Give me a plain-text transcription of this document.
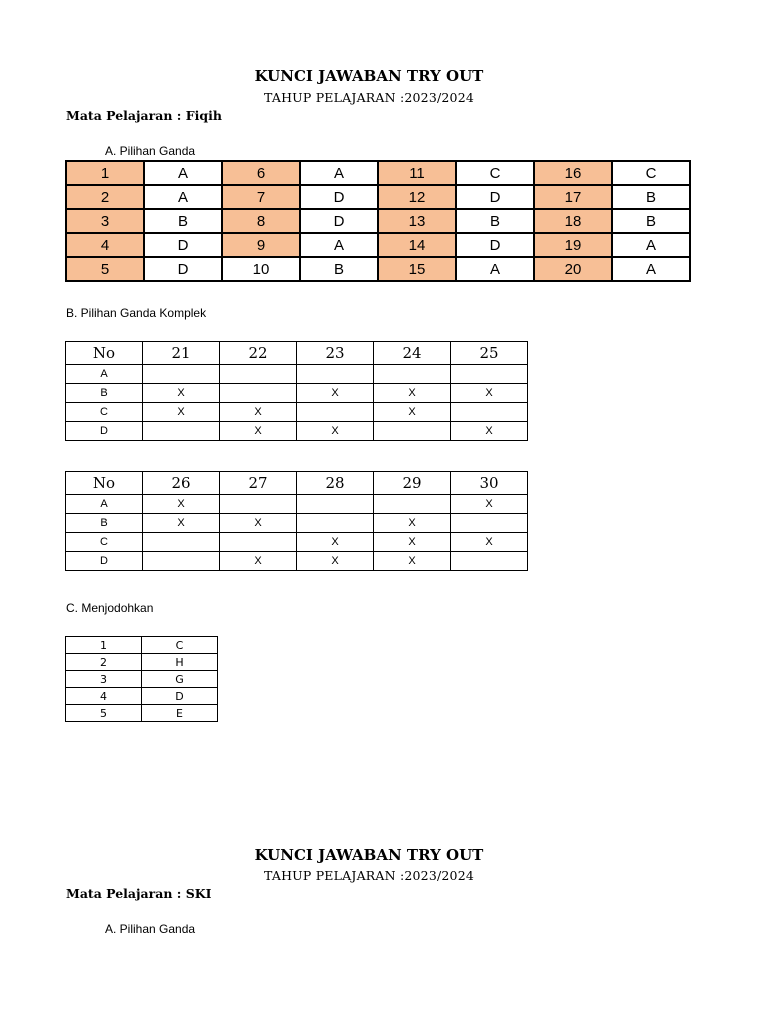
KUNCI JAWABAN TRY OUT
TAHUP PELAJARAN :2023/2024
Mata Pelajaran : Fiqih
A. Pilihan Ganda
1	A	6	A	11	C	16	C
2	A	7	D	12	D	17	B
3	B	8	D	13	B	18	B
4	D	9	A	14	D	19	A
5	D	10	B	15	A	20	A
B. Pilihan Ganda Komplek
No	21	22	23	24	25
A					
B	X		X	X	X
C	X	X		X	
D		X	X		X
No	26	27	28	29	30
A	X				X
B	X	X		X	
C			X	X	X
D		X	X	X	
C. Menjodohkan
1	C
2	H
3	G
4	D
5	E
KUNCI JAWABAN TRY OUT
TAHUP PELAJARAN :2023/2024
Mata Pelajaran : SKI
A. Pilihan Ganda
